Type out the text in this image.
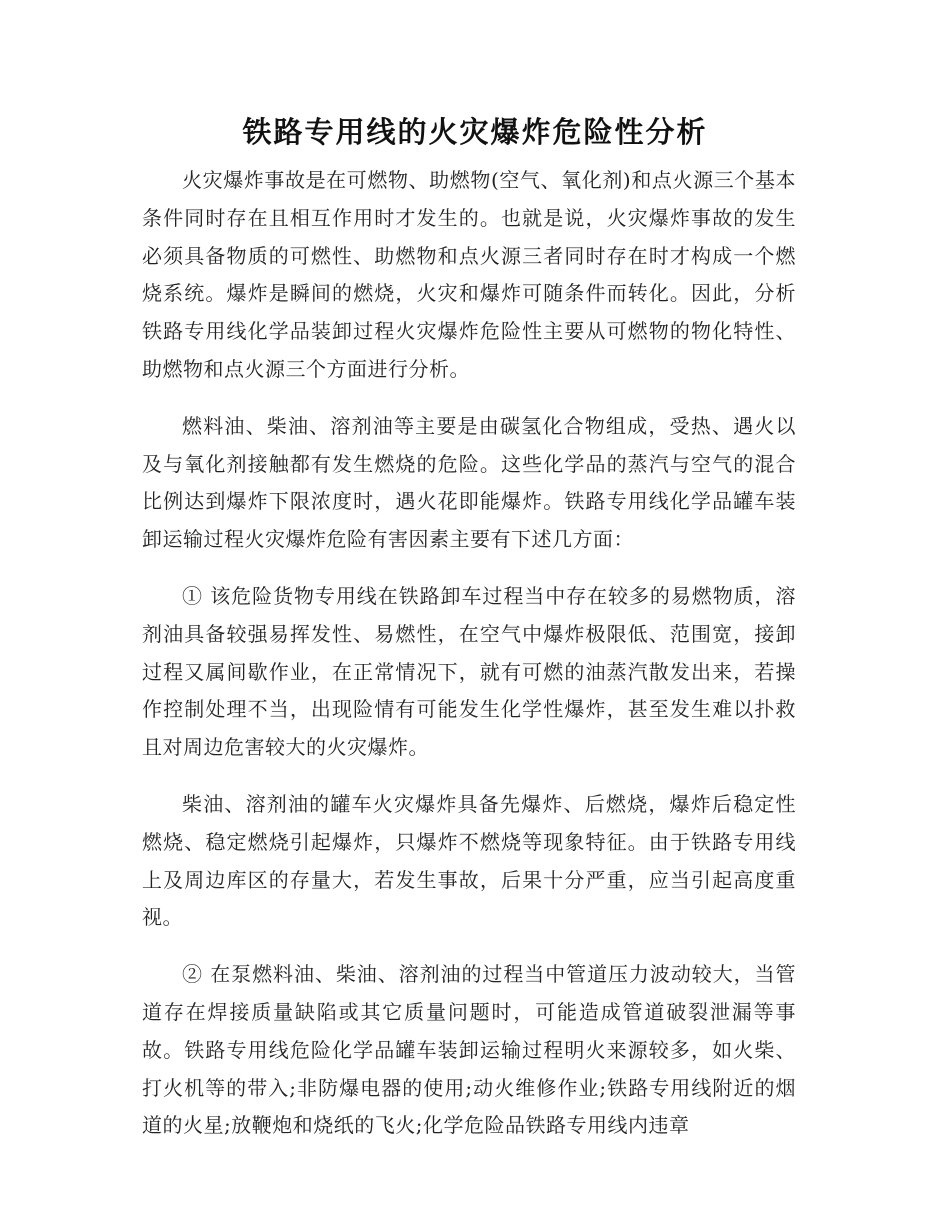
铁路专用线的火灾爆炸危险性分析

火灾爆炸事故是在可燃物、助燃物(空气、氧化剂)和点火源三个基本条件同时存在且相互作用时才发生的。也就是说，火灾爆炸事故的发生必须具备物质的可燃性、助燃物和点火源三者同时存在时才构成一个燃烧系统。爆炸是瞬间的燃烧，火灾和爆炸可随条件而转化。因此，分析铁路专用线化学品装卸过程火灾爆炸危险性主要从可燃物的物化特性、助燃物和点火源三个方面进行分析。

燃料油、柴油、溶剂油等主要是由碳氢化合物组成，受热、遇火以及与氧化剂接触都有发生燃烧的危险。这些化学品的蒸汽与空气的混合比例达到爆炸下限浓度时，遇火花即能爆炸。铁路专用线化学品罐车装卸运输过程火灾爆炸危险有害因素主要有下述几方面：

① 该危险货物专用线在铁路卸车过程当中存在较多的易燃物质，溶剂油具备较强易挥发性、易燃性，在空气中爆炸极限低、范围宽，接卸过程又属间歇作业，在正常情况下，就有可燃的油蒸汽散发出来，若操作控制处理不当，出现险情有可能发生化学性爆炸，甚至发生难以扑救且对周边危害较大的火灾爆炸。

柴油、溶剂油的罐车火灾爆炸具备先爆炸、后燃烧，爆炸后稳定性燃烧、稳定燃烧引起爆炸，只爆炸不燃烧等现象特征。由于铁路专用线上及周边库区的存量大，若发生事故，后果十分严重，应当引起高度重视。

② 在泵燃料油、柴油、溶剂油的过程当中管道压力波动较大，当管道存在焊接质量缺陷或其它质量问题时，可能造成管道破裂泄漏等事故。铁路专用线危险化学品罐车装卸运输过程明火来源较多，如火柴、打火机等的带入;非防爆电器的使用;动火维修作业;铁路专用线附近的烟道的火星;放鞭炮和烧纸的飞火;化学危险品铁路专用线内违章
